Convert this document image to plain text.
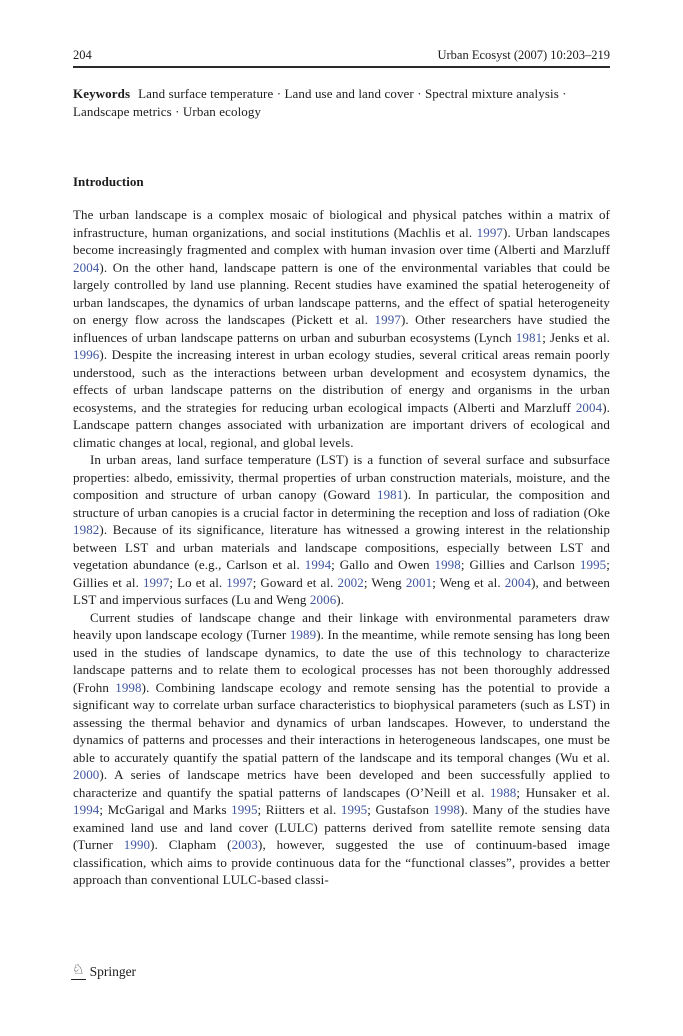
204	Urban Ecosyst (2007) 10:203–219

Keywords Land surface temperature · Land use and land cover · Spectral mixture analysis · Landscape metrics · Urban ecology

Introduction

The urban landscape is a complex mosaic of biological and physical patches within a matrix of infrastructure, human organizations, and social institutions (Machlis et al. 1997). Urban landscapes become increasingly fragmented and complex with human invasion over time (Alberti and Marzluff 2004). On the other hand, landscape pattern is one of the environmental variables that could be largely controlled by land use planning. Recent studies have examined the spatial heterogeneity of urban landscapes, the dynamics of urban landscape patterns, and the effect of spatial heterogeneity on energy flow across the landscapes (Pickett et al. 1997). Other researchers have studied the influences of urban landscape patterns on urban and suburban ecosystems (Lynch 1981; Jenks et al. 1996). Despite the increasing interest in urban ecology studies, several critical areas remain poorly understood, such as the interactions between urban development and ecosystem dynamics, the effects of urban landscape patterns on the distribution of energy and organisms in the urban ecosystems, and the strategies for reducing urban ecological impacts (Alberti and Marzluff 2004). Landscape pattern changes associated with urbanization are important drivers of ecological and climatic changes at local, regional, and global levels.

In urban areas, land surface temperature (LST) is a function of several surface and subsurface properties: albedo, emissivity, thermal properties of urban construction materials, moisture, and the composition and structure of urban canopy (Goward 1981). In particular, the composition and structure of urban canopies is a crucial factor in determining the reception and loss of radiation (Oke 1982). Because of its significance, literature has witnessed a growing interest in the relationship between LST and urban materials and landscape compositions, especially between LST and vegetation abundance (e.g., Carlson et al. 1994; Gallo and Owen 1998; Gillies and Carlson 1995; Gillies et al. 1997; Lo et al. 1997; Goward et al. 2002; Weng 2001; Weng et al. 2004), and between LST and impervious surfaces (Lu and Weng 2006).

Current studies of landscape change and their linkage with environmental parameters draw heavily upon landscape ecology (Turner 1989). In the meantime, while remote sensing has long been used in the studies of landscape dynamics, to date the use of this technology to characterize landscape patterns and to relate them to ecological processes has not been thoroughly addressed (Frohn 1998). Combining landscape ecology and remote sensing has the potential to provide a significant way to correlate urban surface characteristics to biophysical parameters (such as LST) in assessing the thermal behavior and dynamics of urban landscapes. However, to understand the dynamics of patterns and processes and their interactions in heterogeneous landscapes, one must be able to accurately quantify the spatial pattern of the landscape and its temporal changes (Wu et al. 2000). A series of landscape metrics have been developed and been successfully applied to characterize and quantify the spatial patterns of landscapes (O’Neill et al. 1988; Hunsaker et al. 1994; McGarigal and Marks 1995; Riitters et al. 1995; Gustafson 1998). Many of the studies have examined land use and land cover (LULC) patterns derived from satellite remote sensing data (Turner 1990). Clapham (2003), however, suggested the use of continuum-based image classification, which aims to provide continuous data for the “functional classes”, provides a better approach than conventional LULC-based classi-

♘ Springer
